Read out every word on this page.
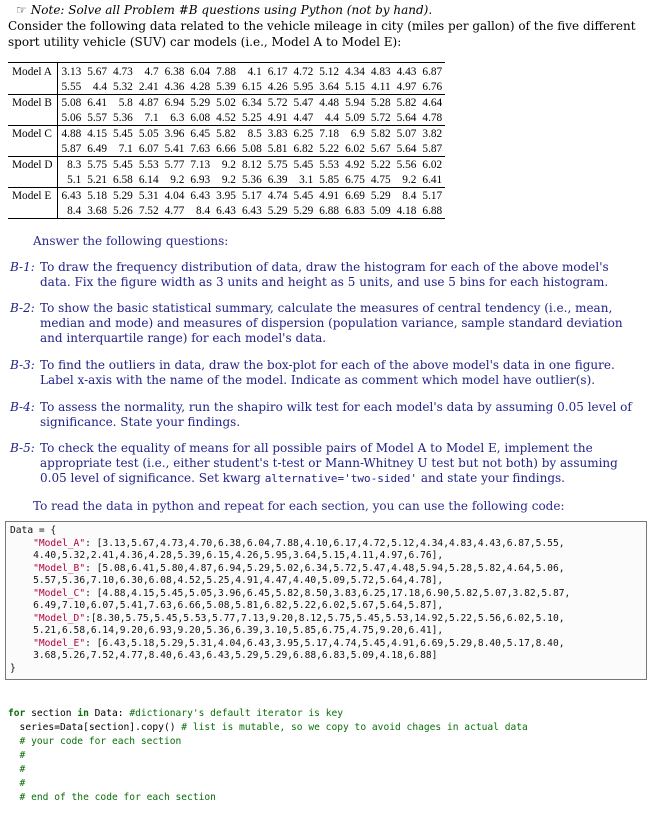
☞ Note: Solve all Problem #B questions using Python (not by hand).
Consider the following data related to the vehicle mileage in city (miles per gallon) of the five different sport utility vehicle (SUV) car models (i.e., Model A to Model E):
Model A	3.13	5.67	4.73	4.7	6.38	6.04	7.88	4.1	6.17	4.72	5.12	4.34	4.83	4.43	6.87
	5.55	4.4	5.32	2.41	4.36	4.28	5.39	6.15	4.26	5.95	3.64	5.15	4.11	4.97	6.76
Model B	5.08	6.41	5.8	4.87	6.94	5.29	5.02	6.34	5.72	5.47	4.48	5.94	5.28	5.82	4.64
	5.06	5.57	5.36	7.1	6.3	6.08	4.52	5.25	4.91	4.47	4.4	5.09	5.72	5.64	4.78
Model C	4.88	4.15	5.45	5.05	3.96	6.45	5.82	8.5	3.83	6.25	7.18	6.9	5.82	5.07	3.82
	5.87	6.49	7.1	6.07	5.41	7.63	6.66	5.08	5.81	6.82	5.22	6.02	5.67	5.64	5.87
Model D	8.3	5.75	5.45	5.53	5.77	7.13	9.2	8.12	5.75	5.45	5.53	4.92	5.22	5.56	6.02
	5.1	5.21	6.58	6.14	9.2	6.93	9.2	5.36	6.39	3.1	5.85	6.75	4.75	9.2	6.41
Model E	6.43	5.18	5.29	5.31	4.04	6.43	3.95	5.17	4.74	5.45	4.91	6.69	5.29	8.4	5.17
	8.4	3.68	5.26	7.52	4.77	8.4	6.43	6.43	5.29	5.29	6.88	6.83	5.09	4.18	6.88
Answer the following questions:
B-1: To draw the frequency distribution of data, draw the histogram for each of the above model's data. Fix the figure width as 3 units and height as 5 units, and use 5 bins for each histogram.
B-2: To show the basic statistical summary, calculate the measures of central tendency (i.e., mean, median and mode) and measures of dispersion (population variance, sample standard deviation and interquartile range) for each model's data.
B-3: To find the outliers in data, draw the box-plot for each of the above model's data in one figure. Label x-axis with the name of the model. Indicate as comment which model have outlier(s).
B-4: To assess the normality, run the shapiro wilk test for each model's data by assuming 0.05 level of significance. State your findings.
B-5: To check the equality of means for all possible pairs of Model A to Model E, implement the appropriate test (i.e., either student's t-test or Mann-Whitney U test but not both) by assuming 0.05 level of significance. Set kwarg alternative='two-sided' and state your findings.
To read the data in python and repeat for each section, you can use the following code:
Data = {
"Model_A": [3.13,5.67,4.73,4.70,6.38,6.04,7.88,4.10,6.17,4.72,5.12,4.34,4.83,4.43,6.87,5.55,
4.40,5.32,2.41,4.36,4.28,5.39,6.15,4.26,5.95,3.64,5.15,4.11,4.97,6.76],
"Model_B": [5.08,6.41,5.80,4.87,6.94,5.29,5.02,6.34,5.72,5.47,4.48,5.94,5.28,5.82,4.64,5.06,
5.57,5.36,7.10,6.30,6.08,4.52,5.25,4.91,4.47,4.40,5.09,5.72,5.64,4.78],
"Model_C": [4.88,4.15,5.45,5.05,3.96,6.45,5.82,8.50,3.83,6.25,17.18,6.90,5.82,5.07,3.82,5.87,
6.49,7.10,6.07,5.41,7.63,6.66,5.08,5.81,6.82,5.22,6.02,5.67,5.64,5.87],
"Model_D":[8.30,5.75,5.45,5.53,5.77,7.13,9.20,8.12,5.75,5.45,5.53,14.92,5.22,5.56,6.02,5.10,
5.21,6.58,6.14,9.20,6.93,9.20,5.36,6.39,3.10,5.85,6.75,4.75,9.20,6.41],
"Model_E": [6.43,5.18,5.29,5.31,4.04,6.43,3.95,5.17,4.74,5.45,4.91,6.69,5.29,8.40,5.17,8.40,
3.68,5.26,7.52,4.77,8.40,6.43,6.43,5.29,5.29,6.88,6.83,5.09,4.18,6.88]
}
for section in Data: #dictionary's default iterator is key
series=Data[section].copy() # list is mutable, so we copy to avoid chages in actual data
# your code for each section
#
#
#
# end of the code for each section
